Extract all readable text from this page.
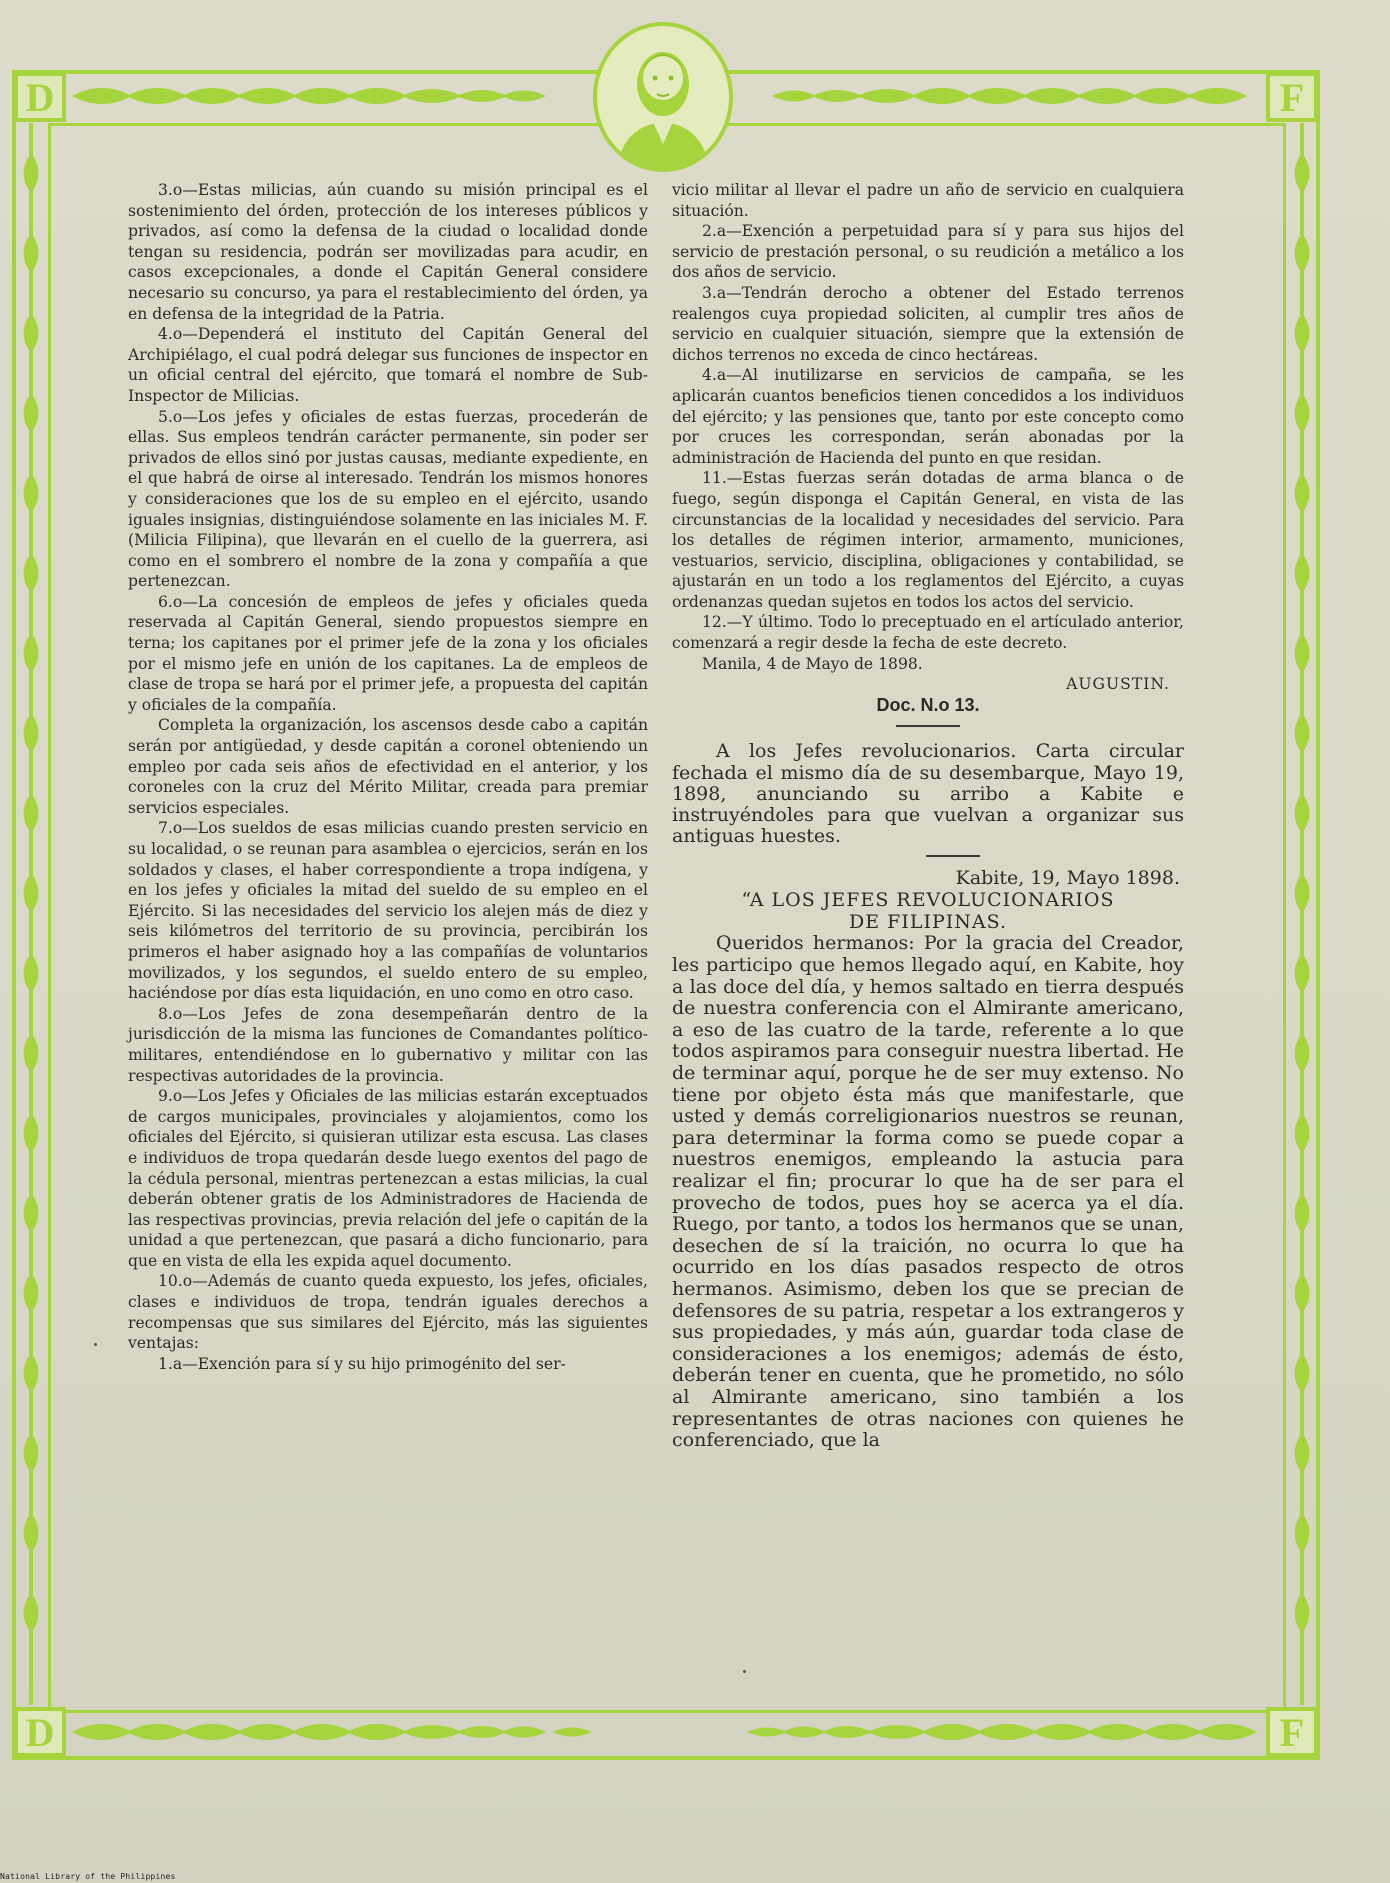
D	F
D	F

3.o—Estas milicias, aún cuando su misión principal es el sostenimiento del órden, protección de los intereses públicos y privados, así como la defensa de la ciudad o localidad donde tengan su residencia, podrán ser movilizadas para acudir, en casos excepcionales, a donde el Capitán General considere necesario su concurso, ya para el restablecimiento del órden, ya en defensa de la integridad de la Patria.

4.o—Dependerá el instituto del Capitán General del Archipiélago, el cual podrá delegar sus funciones de inspector en un oficial central del ejército, que tomará el nombre de Sub-Inspector de Milicias.

5.o—Los jefes y oficiales de estas fuerzas, procederán de ellas. Sus empleos tendrán carácter permanente, sin poder ser privados de ellos sinó por justas causas, mediante expediente, en el que habrá de oirse al interesado. Tendrán los mismos honores y consideraciones que los de su empleo en el ejército, usando iguales insignias, distinguiéndose solamente en las iniciales M. F. (Milicia Filipina), que llevarán en el cuello de la guerrera, asi como en el sombrero el nombre de la zona y compañía a que pertenezcan.

6.o—La concesión de empleos de jefes y oficiales queda reservada al Capitán General, siendo propuestos siempre en terna; los capitanes por el primer jefe de la zona y los oficiales por el mismo jefe en unión de los capitanes. La de empleos de clase de tropa se hará por el primer jefe, a propuesta del capitán y oficiales de la compañía.

Completa la organización, los ascensos desde cabo a capitán serán por antigüedad, y desde capitán a coronel obteniendo un empleo por cada seis años de efectividad en el anterior, y los coroneles con la cruz del Mérito Militar, creada para premiar servicios especiales.

7.o—Los sueldos de esas milicias cuando presten servicio en su localidad, o se reunan para asamblea o ejercicios, serán en los soldados y clases, el haber correspondiente a tropa indígena, y en los jefes y oficiales la mitad del sueldo de su empleo en el Ejército. Si las necesidades del servicio los alejen más de diez y seis kilómetros del territorio de su provincia, percibirán los primeros el haber asignado hoy a las compañías de voluntarios movilizados, y los segundos, el sueldo entero de su empleo, haciéndose por días esta liquidación, en uno como en otro caso.

8.o—Los Jefes de zona desempeñarán dentro de la jurisdicción de la misma las funciones de Comandantes político-militares, entendiéndose en lo gubernativo y militar con las respectivas autoridades de la provincia.

9.o—Los Jefes y Oficiales de las milicias estarán exceptuados de cargos municipales, provinciales y alojamientos, como los oficiales del Ejército, si quisieran utilizar esta escusa. Las clases e individuos de tropa quedarán desde luego exentos del pago de la cédula personal, mientras pertenezcan a estas milicias, la cual deberán obtener gratis de los Administradores de Hacienda de las respectivas provincias, previa relación del jefe o capitán de la unidad a que pertenezcan, que pasará a dicho funcionario, para que en vista de ella les expida aquel documento.

10.o—Además de cuanto queda expuesto, los jefes, oficiales, clases e individuos de tropa, tendrán iguales derechos a recompensas que sus similares del Ejército, más las siguientes ventajas:

1.a—Exención para sí y su hijo primogénito del ser-

vicio militar al llevar el padre un año de servicio en cualquiera situación.

2.a—Exención a perpetuidad para sí y para sus hijos del servicio de prestación personal, o su reudición a metálico a los dos años de servicio.

3.a—Tendrán derocho a obtener del Estado terrenos realengos cuya propiedad soliciten, al cumplir tres años de servicio en cualquier situación, siempre que la extensión de dichos terrenos no exceda de cinco hectáreas.

4.a—Al inutilizarse en servicios de campaña, se les aplicarán cuantos beneficios tienen concedidos a los individuos del ejército; y las pensiones que, tanto por este concepto como por cruces les correspondan, serán abonadas por la administración de Hacienda del punto en que residan.

11.—Estas fuerzas serán dotadas de arma blanca o de fuego, según disponga el Capitán General, en vista de las circunstancias de la localidad y necesidades del servicio. Para los detalles de régimen interior, armamento, municiones, vestuarios, servicio, disciplina, obligaciones y contabilidad, se ajustarán en un todo a los reglamentos del Ejército, a cuyas ordenanzas quedan sujetos en todos los actos del servicio.

12.—Y último. Todo lo preceptuado en el artículado anterior, comenzará a regir desde la fecha de este decreto.

Manila, 4 de Mayo de 1898.

AUGUSTIN.

Doc. N.o 13.

A los Jefes revolucionarios. Carta circular fechada el mismo día de su desembarque, Mayo 19, 1898, anunciando su arribo a Kabite e instruyéndoles para que vuelvan a organizar sus antiguas huestes.

Kabite, 19, Mayo 1898.

“A LOS JEFES REVOLUCIONARIOS

DE FILIPINAS.

Queridos hermanos: Por la gracia del Creador, les participo que hemos llegado aquí, en Kabite, hoy a las doce del día, y hemos saltado en tierra después de nuestra conferencia con el Almirante americano, a eso de las cuatro de la tarde, referente a lo que todos aspiramos para conseguir nuestra libertad. He de terminar aquí, porque he de ser muy extenso. No tiene por objeto ésta más que manifestarle, que usted y demás correligionarios nuestros se reunan, para determinar la forma como se puede copar a nuestros enemigos, empleando la astucia para realizar el fin; procurar lo que ha de ser para el provecho de todos, pues hoy se acerca ya el día. Ruego, por tanto, a todos los hermanos que se unan, desechen de sí la traición, no ocurra lo que ha ocurrido en los días pasados respecto de otros hermanos. Asimismo, deben los que se precian de defensores de su patria, respetar a los extrangeros y sus propiedades, y más aún, guardar toda clase de consideraciones a los enemigos; además de ésto, deberán tener en cuenta, que he prometido, no sólo al Almirante americano, sino también a los representantes de otras naciones con quienes he conferenciado, que la

National Library of the Philippines
